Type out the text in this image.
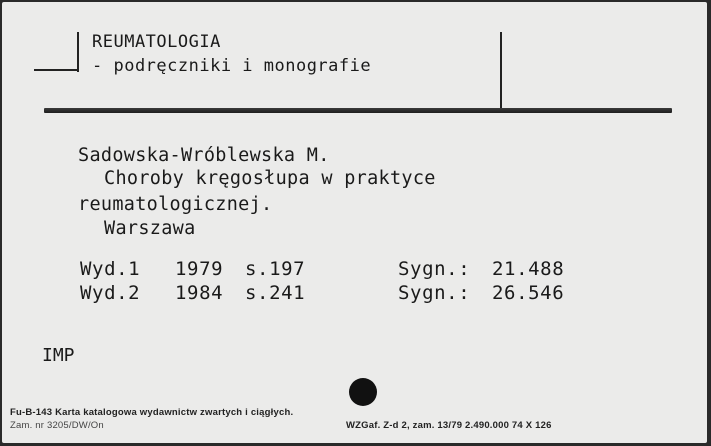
REUMATOLOGIA
- podręczniki i monografie
Sadowska-Wróblewska M.
Choroby kręgosłupa w praktyce
reumatologicznej.
Warszawa
Wyd.1 1979 s.197	Sygn.: 21.488
Wyd.2 1984 s.241	Sygn.: 26.546
IMP
Fu-B-143 Karta katalogowa wydawnictw zwartych i ciągłych.
Zam. nr 3205/DW/On	WZGaf. Z-d 2, zam. 13/79 2.490.000 74 X 126
